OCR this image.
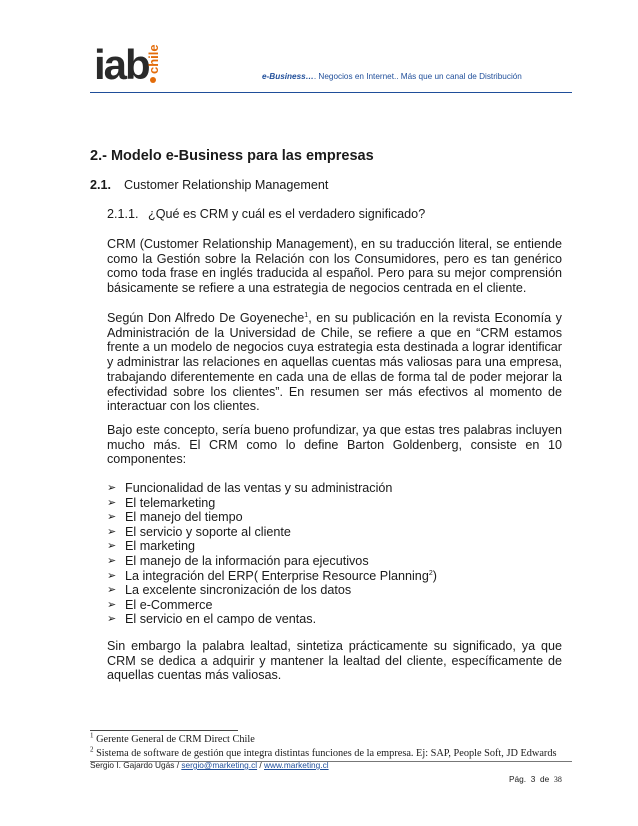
iab
chile
e-Business…. Negocios en Internet.. Más que un canal de Distribución
2.- Modelo e-Business para las empresas
2.1. Customer Relationship Management
2.1.1. ¿Qué es CRM y cuál es el verdadero significado?
CRM (Customer Relationship Management), en su traducción literal, se entiende como la Gestión sobre la Relación con los Consumidores, pero es tan genérico como toda frase en inglés traducida al español. Pero para su mejor comprensión básicamente se refiere a una estrategia de negocios centrada en el cliente.
Según Don Alfredo De Goyeneche$^1$, en su publicación en la revista Economía y Administración de la Universidad de Chile, se refiere a que en “CRM estamos frente a un modelo de negocios cuya estrategia esta destinada a lograr identificar y administrar las relaciones en aquellas cuentas más valiosas para una empresa, trabajando diferentemente en cada una de ellas de forma tal de poder mejorar la efectividad sobre los clientes”. En resumen ser más efectivos al momento de interactuar con los clientes.
Bajo este concepto, sería bueno profundizar, ya que estas tres palabras incluyen mucho más. El CRM como lo define Barton Goldenberg, consiste en 10 componentes:
➢ Funcionalidad de las ventas y su administración
➢ El telemarketing
➢ El manejo del tiempo
➢ El servicio y soporte al cliente
➢ El marketing
➢ El manejo de la información para ejecutivos
➢ La integración del ERP( Enterprise Resource Planning$^2$)
➢ La excelente sincronización de los datos
➢ El e-Commerce
➢ El servicio en el campo de ventas.
Sin embargo la palabra lealtad, sintetiza prácticamente su significado, ya que CRM se dedica a adquirir y mantener la lealtad del cliente, específicamente de aquellas cuentas más valiosas.
$^1$ Gerente General de CRM Direct Chile
$^2$ Sistema de software de gestión que integra distintas funciones de la empresa. Ej: SAP, People Soft, JD Edwards
Sergio I. Gajardo Ugás / sergio@marketing.cl / www.marketing.cl
Pág. 3 de 38
